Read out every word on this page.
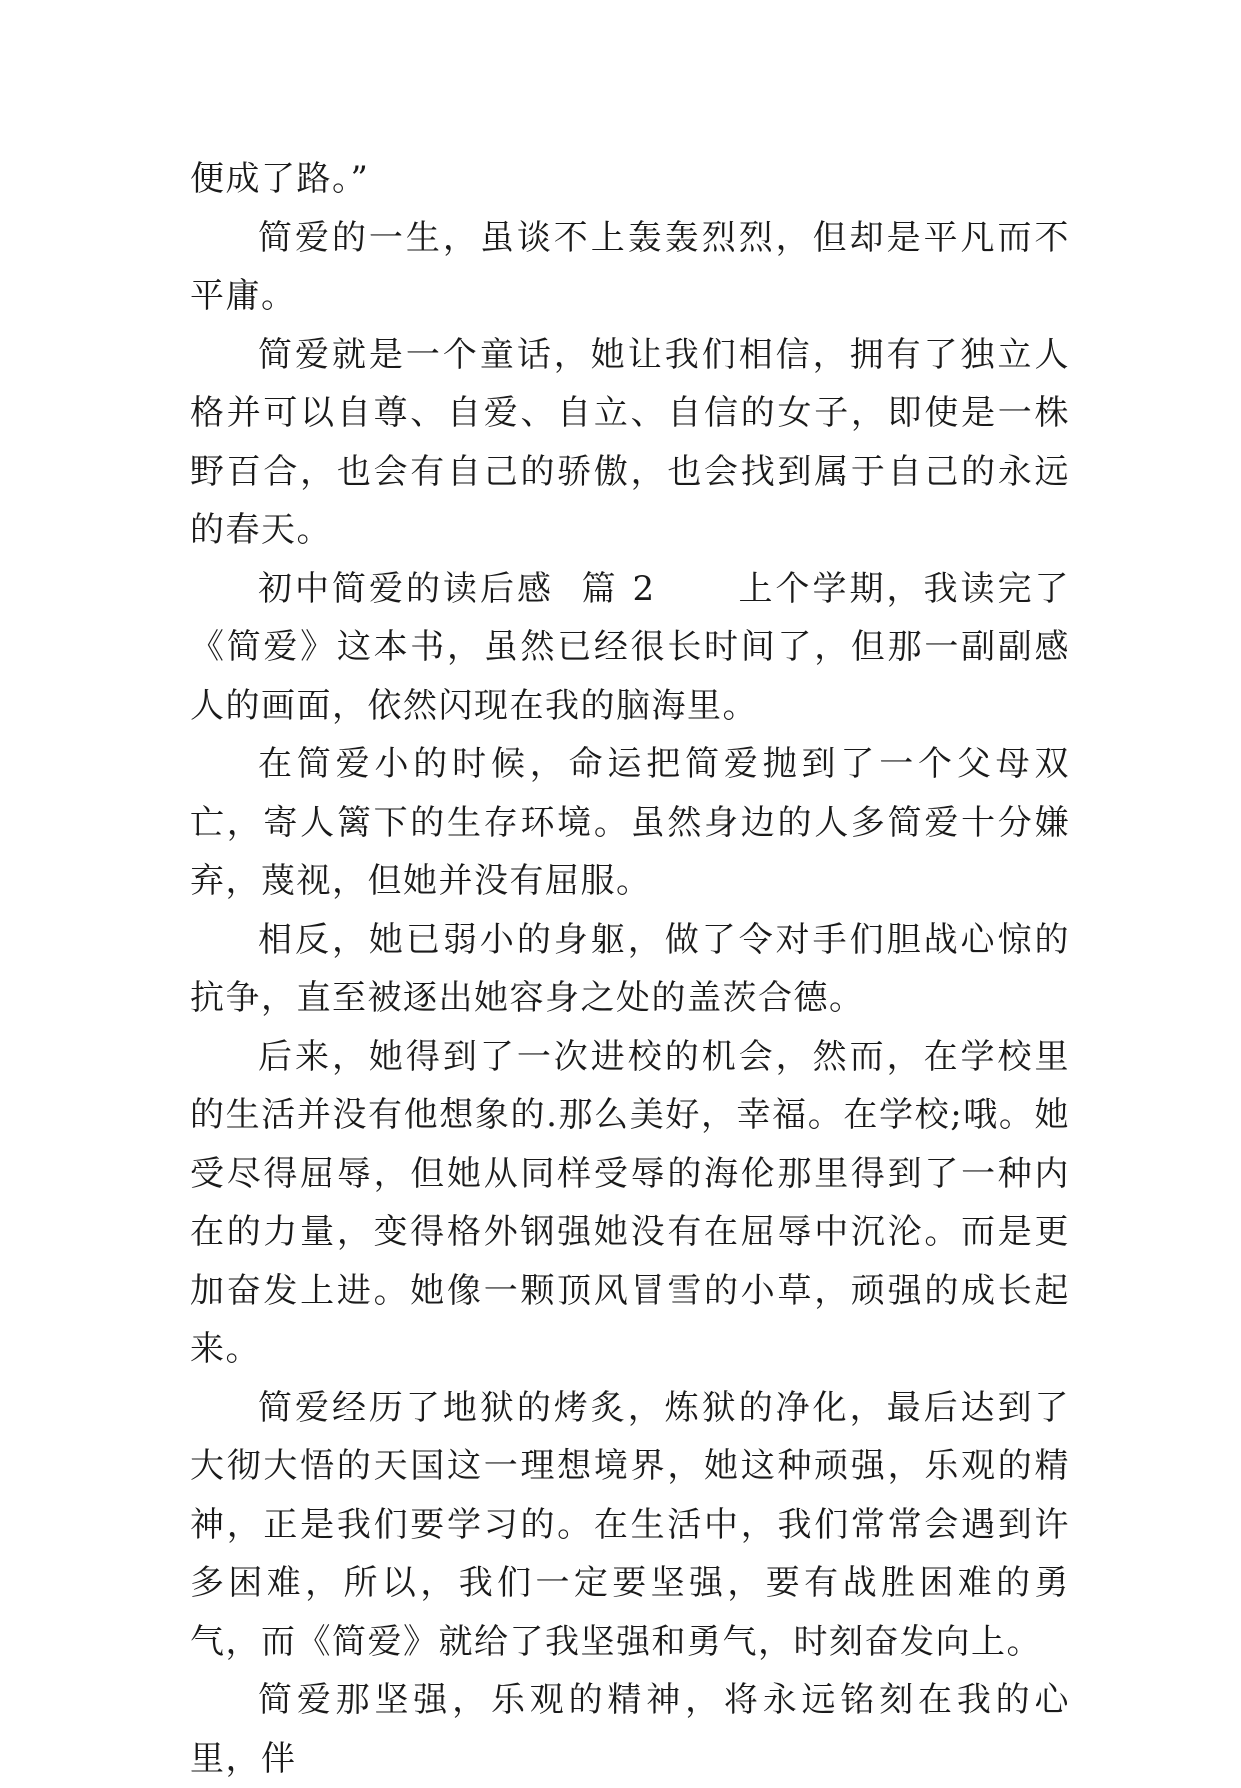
便成了路。”

简爱的一生，虽谈不上轰轰烈烈，但却是平凡而不平庸。

简爱就是一个童话，她让我们相信，拥有了独立人格并可以自尊、自爱、自立、自信的女子，即使是一株野百合，也会有自己的骄傲，也会找到属于自己的永远的春天。

初中简爱的读后感  篇 2      上个学期，我读完了《简爱》这本书，虽然已经很长时间了，但那一副副感人的画面，依然闪现在我的脑海里。

在简爱小的时候，命运把简爱抛到了一个父母双亡，寄人篱下的生存环境。虽然身边的人多简爱十分嫌弃，蔑视，但她并没有屈服。

相反，她已弱小的身躯，做了令对手们胆战心惊的抗争，直至被逐出她容身之处的盖茨合德。

后来，她得到了一次进校的机会，然而，在学校里的生活并没有他想象的.那么美好，幸福。在学校;哦。她受尽得屈辱，但她从同样受辱的海伦那里得到了一种内在的力量，变得格外钢强她没有在屈辱中沉沦。而是更加奋发上进。她像一颗顶风冒雪的小草，顽强的成长起来。

简爱经历了地狱的烤炙，炼狱的净化，最后达到了大彻大悟的天国这一理想境界，她这种顽强，乐观的精神，正是我们要学习的。在生活中，我们常常会遇到许多困难，所以，我们一定要坚强，要有战胜困难的勇气，而《简爱》就给了我坚强和勇气，时刻奋发向上。

简爱那坚强，乐观的精神，将永远铭刻在我的心里，伴
